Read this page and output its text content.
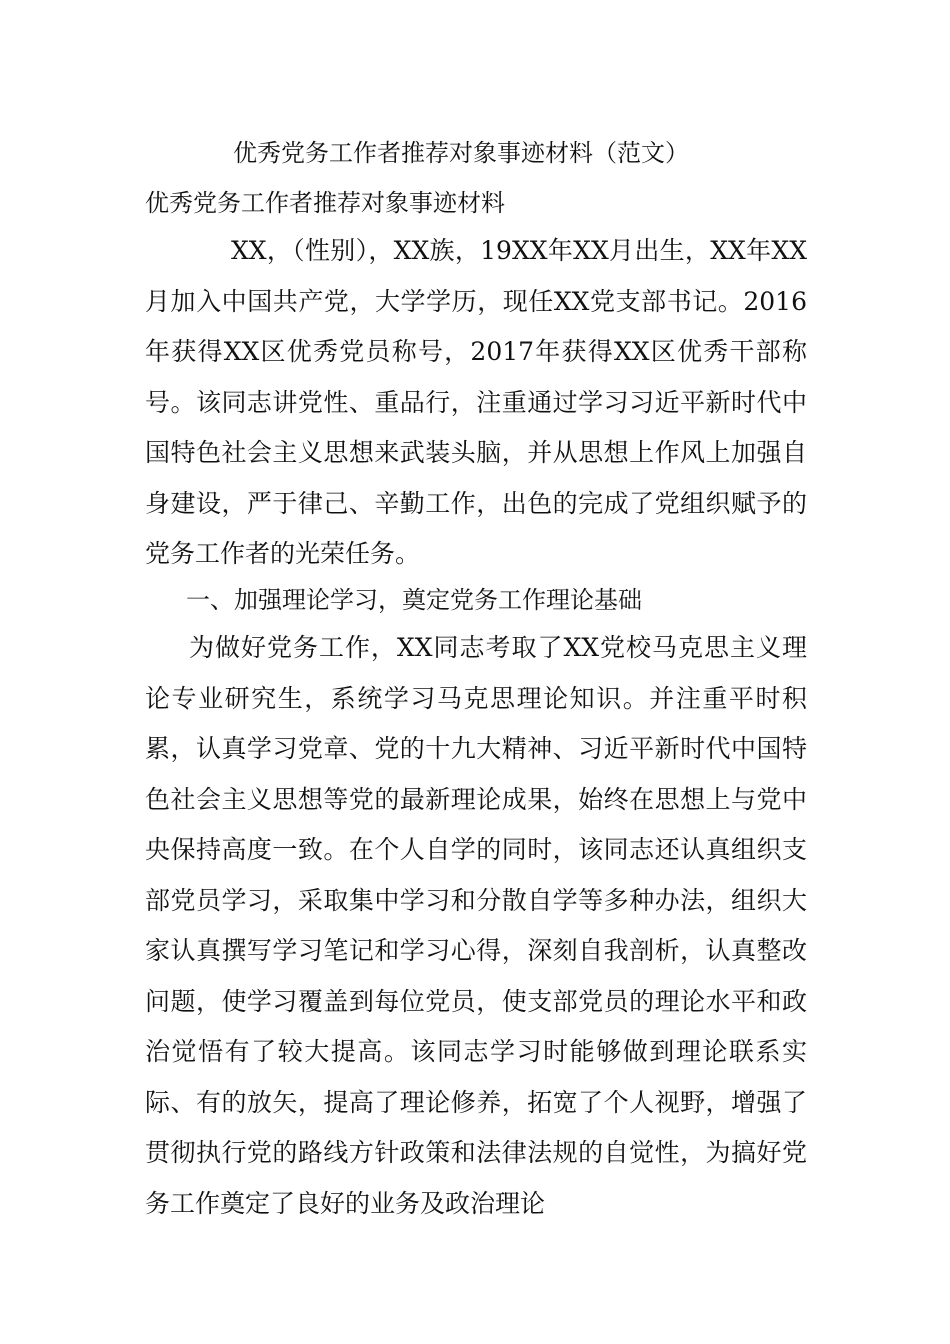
优秀党务工作者推荐对象事迹材料（范文）
优秀党务工作者推荐对象事迹材料

XX，（性别），XX族，19XX年XX月出生，XX年XX月加入中国共产党，大学学历，现任XX党支部书记。2016年获得XX区优秀党员称号，2017年获得XX区优秀干部称号。该同志讲党性、重品行，注重通过学习习近平新时代中国特色社会主义思想来武装头脑，并从思想上作风上加强自身建设，严于律己、辛勤工作，出色的完成了党组织赋予的党务工作者的光荣任务。

一、加强理论学习，奠定党务工作理论基础

为做好党务工作，XX同志考取了XX党校马克思主义理论专业研究生，系统学习马克思理论知识。并注重平时积累，认真学习党章、党的十九大精神、习近平新时代中国特色社会主义思想等党的最新理论成果，始终在思想上与党中央保持高度一致。在个人自学的同时，该同志还认真组织支部党员学习，采取集中学习和分散自学等多种办法，组织大家认真撰写学习笔记和学习心得，深刻自我剖析，认真整改问题，使学习覆盖到每位党员，使支部党员的理论水平和政治觉悟有了较大提高。该同志学习时能够做到理论联系实际、有的放矢，提高了理论修养，拓宽了个人视野，增强了贯彻执行党的路线方针政策和法律法规的自觉性，为搞好党务工作奠定了良好的业务及政治理论
